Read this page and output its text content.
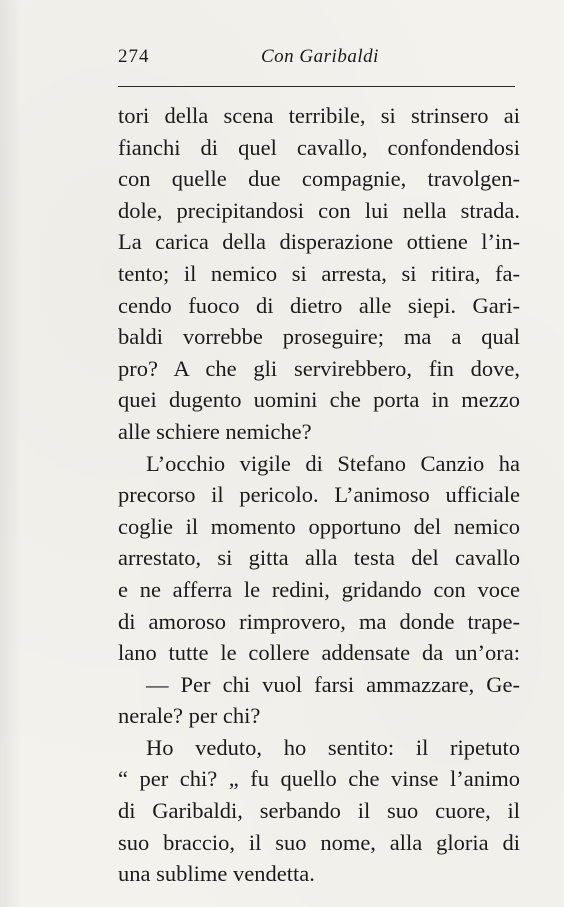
274	Con Garibaldi
tori della scena terribile, si strinsero ai
fianchi di quel cavallo, confondendosi
con quelle due compagnie, travolgen-
dole, precipitandosi con lui nella strada.
La carica della disperazione ottiene l’in-
tento; il nemico si arresta, si ritira, fa-
cendo fuoco di dietro alle siepi. Gari-
baldi vorrebbe proseguire; ma a qual
pro? A che gli servirebbero, fin dove,
quei dugento uomini che porta in mezzo
alle schiere nemiche?
L’occhio vigile di Stefano Canzio ha
precorso il pericolo. L’animoso ufficiale
coglie il momento opportuno del nemico
arrestato, si gitta alla testa del cavallo
e ne afferra le redini, gridando con voce
di amoroso rimprovero, ma donde trape-
lano tutte le collere addensate da un’ora:
— Per chi vuol farsi ammazzare, Ge-
nerale? per chi?
Ho veduto, ho sentito: il ripetuto
“ per chi? „ fu quello che vinse l’animo
di Garibaldi, serbando il suo cuore, il
suo braccio, il suo nome, alla gloria di
una sublime vendetta.
